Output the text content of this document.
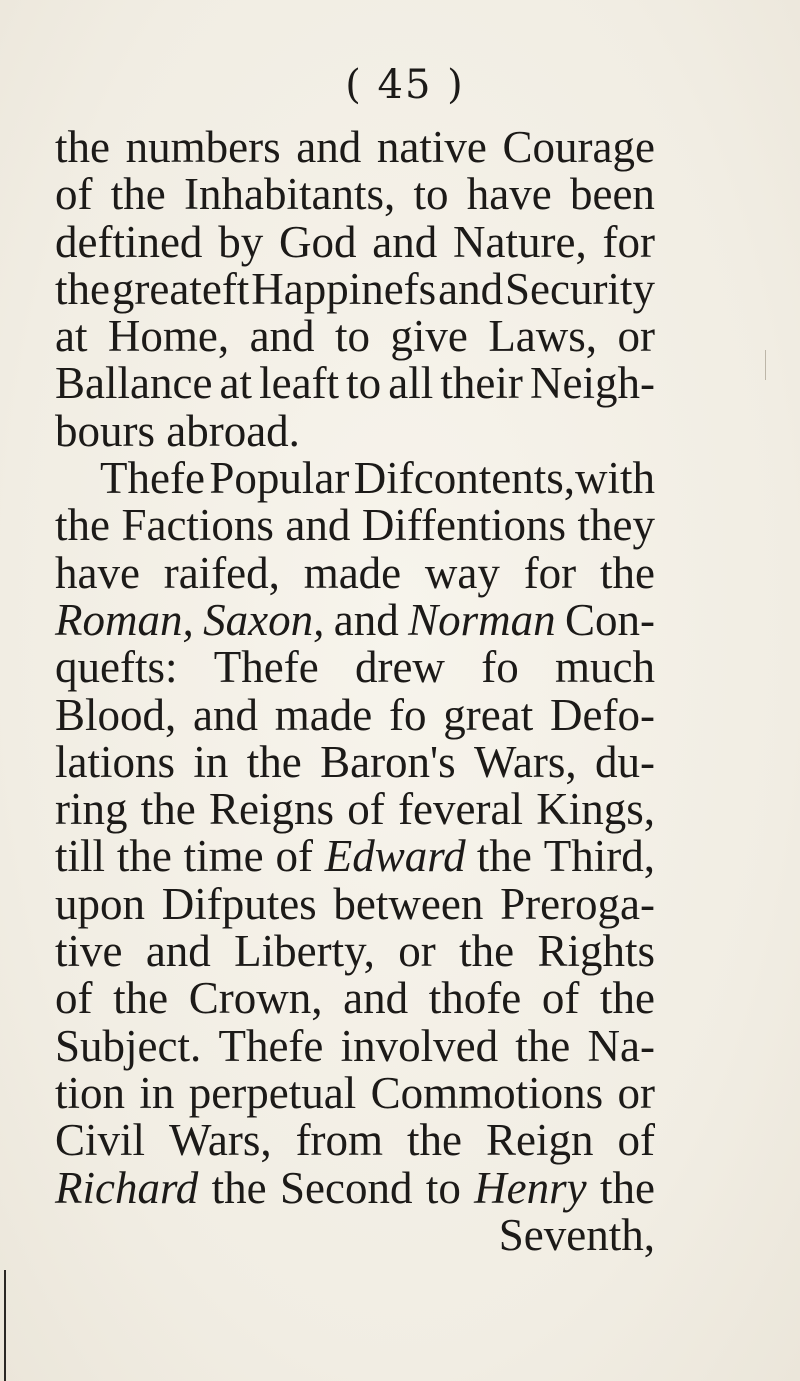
( 45 )
the numbers and native Courage
of the Inhabitants, to have been
deftined by God and Nature, for
the greateft Happinefs and Security
at Home, and to give Laws, or
Ballance at leaft to all their Neigh-
bours
abroad.
Thefe Popular Difcontents,with
the Factions and Diffentions they
have raifed, made way for the
Roman, Saxon, and Norman Con-
quefts: Thefe drew fo much
Blood, and made fo great Defo-
lations in the Baron's Wars, du-
ring the Reigns of feveral Kings,
till the time of Edward the Third,
upon Difputes between Preroga-
tive and Liberty, or the Rights
of the Crown, and thofe of the
Subject. Thefe involved the Na-
tion in perpetual Commotions or
Civil Wars, from the Reign of
Richard the Second to Henry the
Seventh,
